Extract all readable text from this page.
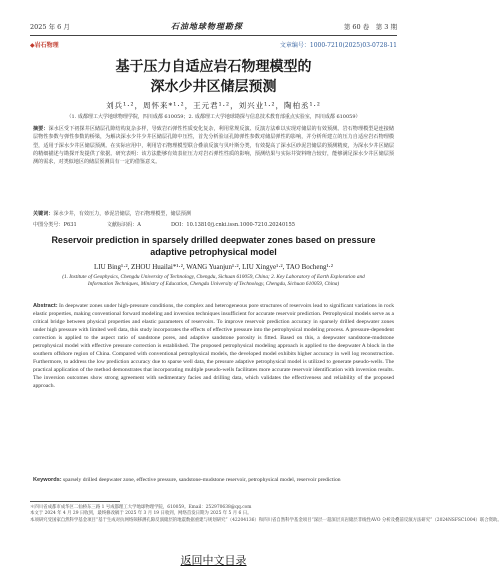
2025 年 6 月	石油地球物理勘探	第 60 卷　第 3 期
◆岩石物理	文章编号：1000-7210(2025)03-0728-11
基于压力自适应岩石物理模型的
深水少井区储层预测
刘兵¹·²，周怀来*¹·²，王元君¹·²，刘兴业¹·²，陶柏丞¹·²
（1. 成都理工大学地球物理学院，四川成都 610059；2. 成都理工大学地球勘探与信息技术教育部重点实验室，四川成都 610059）
摘要：深水区受下初探井区储层孔隙结构复杂多样，导致岩石弹性性质变化复杂，利用常规反演、反演方法难以实现对储层的有效预测。岩石物理模型是连接储层物性参数与弹性参数的桥梁，为解决深水少井少井区储层孔隙中压性，首先分析验证孔隙弹性参数对储层弹性的影响，并分析所建立的压力自适应岩石物理模型，适用于深水少井区储层预测。在实际应用中，利用岩石物理模型联合叠前反演与贝叶斯分类，有效提高了深水区砂泥岩储层的预测精度，为深水少井区储层的精细描述与勘探开发提供了依据。研究表明：该方法能够有效表征压力对岩石弹性性质的影响，预测结果与实际井资料吻合较好，能够满足深水少井区储层预测的需求，对类似地区的储层预测具有一定的借鉴意义。
关键词：深水少井，有效压力，砂泥岩储层，岩石物理模型，储层预测
中图分类号：P631	文献标识码：A	DOI：10.13810/j.cnki.issn.1000-7210.20240155
Reservoir prediction in sparsely drilled deepwater zones based on pressure adaptive petrophysical model
LIU Bing¹·², ZHOU Huailai*¹·², WANG Yuanjun¹·², LIU Xingye¹·², TAO Bocheng¹·²
(1. Institute of Geophysics, Chengdu University of Technology, Chengdu, Sichuan 610059, China; 2. Key Laboratory of Earth Exploration and Information Techniques, Ministry of Education, Chengdu University of Technology, Chengdu, Sichuan 610059, China)
Abstract: In deepwater zones under high-pressure conditions, the complex and heterogeneous pore structures of reservoirs lead to significant variations in rock elastic properties, making conventional forward modeling and inversion techniques insufficient for accurate reservoir prediction. Petrophysical models serve as a critical bridge between physical properties and elastic parameters of reservoirs. To improve reservoir prediction accuracy in sparsely drilled deepwater zones under high pressure with limited well data, this study incorporates the effects of effective pressure into the petrophysical modeling process. A pressure-dependent correction is applied to the aspect ratio of sandstone pores, and adaptive sandstone porosity is fitted. Based on this, a deepwater sandstone-mudstone petrophysical model with effective pressure correction is established. The proposed petrophysical modeling approach is applied to the deepwater A block in the southern offshore region of China. Compared with conventional petrophysical models, the developed model exhibits higher accuracy in well log reconstruction. Furthermore, to address the low prediction accuracy due to sparse well data, the pressure adaptive petrophysical model is utilized to generate pseudo-wells. The practical application of the method demonstrates that incorporating multiple pseudo-wells facilitates more accurate reservoir identification with inversion results. The inversion outcomes show strong agreement with sedimentary facies and drilling data, which validates the effectiveness and reliability of the proposed approach.
Keywords: sparsely drilled deepwater zone, effective pressure, sandstone-mudstone reservoir, petrophysical model, reservoir prediction
＊四川省成都市成华区二仙桥东三路 1 号成都理工大学地球物理学院，610059。Email：252970638@qq.com
本文于 2024 年 4 月 29 日收到，最终修改稿于 2025 年 3 月 19 日收到，网络首发日期为 2025 年 5 月 6 日。
本项研究受国家自然科学基金项目“基于生成对抗网络频移测孔隙反演储层的地震数据重建与规划研究”（42204136）和四川省自然科学基金项目“深层一超深层页岩储层非线性AVO 分析及叠前反演方法研究”（2024NSFSC1004）联合资助。
返回中文目录
